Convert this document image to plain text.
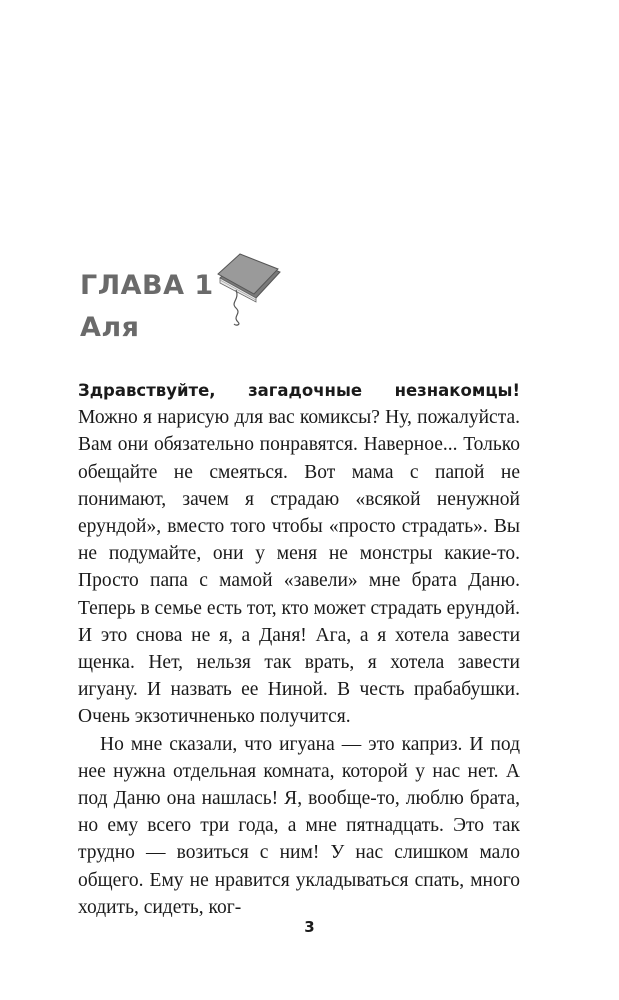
ГЛАВА 1
Аля

Здравствуйте, загадочные незнакомцы! Можно я нарисую для вас комиксы? Ну, пожалуйста. Вам они обязательно понравятся. Наверное... Только обещайте не смеяться. Вот мама с папой не понимают, зачем я страдаю «всякой ненужной ерундой», вместо того чтобы «просто страдать». Вы не подумайте, они у меня не монстры какие-то. Просто папа с мамой «завели» мне брата Даню. Теперь в семье есть тот, кто может страдать ерундой. И это снова не я, а Даня! Ага, а я хотела завести щенка. Нет, нельзя так врать, я хотела завести игуану. И назвать ее Ниной. В честь прабабушки. Очень экзотичненько получится.

Но мне сказали, что игуана — это каприз. И под нее нужна отдельная комната, которой у нас нет. А под Даню она нашлась! Я, вообще-то, люблю брата, но ему всего три года, а мне пятнадцать. Это так трудно — возиться с ним! У нас слишком мало общего. Ему не нравится укладываться спать, много ходить, сидеть, ког-

3
